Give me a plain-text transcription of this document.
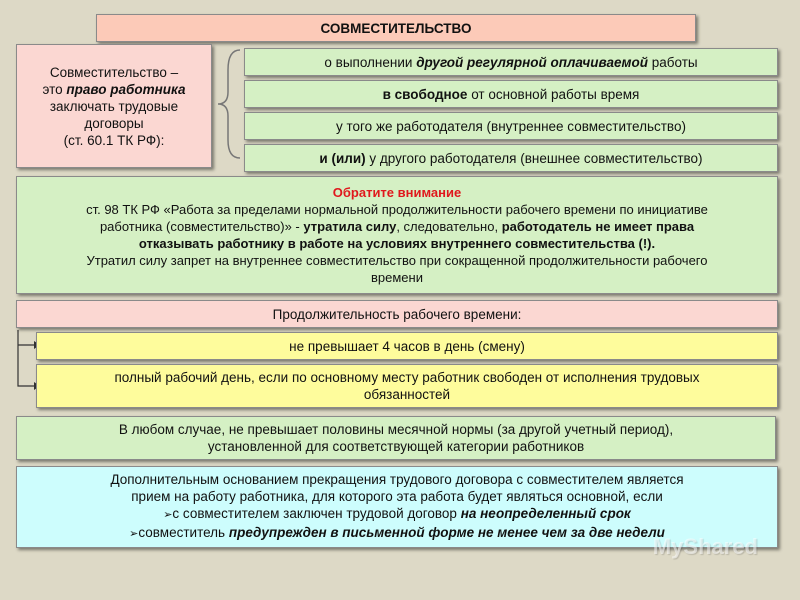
СОВМЕСТИТЕЛЬСТВО
Совместительство –
это право работника
заключать трудовые
договоры
(ст. 60.1 ТК РФ):
о выполнении другой регулярной оплачиваемой работы
в свободное от основной работы время
у того же работодателя (внутреннее совместительство)
и (или) у другого работодателя (внешнее совместительство)
Обратите внимание
ст. 98 ТК РФ «Работа за пределами нормальной продолжительности рабочего времени по инициативе
работника (совместительство)» - утратила силу, следовательно, работодатель не имеет права
отказывать работнику в работе на условиях внутреннего совместительства (!).
Утратил силу запрет на внутреннее совместительство при сокращенной продолжительности рабочего
времени
Продолжительность рабочего времени:
не превышает 4 часов в день (смену)
полный рабочий день, если по основному месту работник свободен от исполнения трудовых
обязанностей
В любом случае, не превышает половины месячной нормы (за другой учетный период),
установленной для соответствующей категории работников
Дополнительным основанием прекращения трудового договора с совместителем является
прием на работу работника, для которого эта работа будет являться основной, если
➢с совместителем заключен трудовой договор на неопределенный срок
➢совместитель предупрежден в письменной форме не менее чем за две недели
MyShared
